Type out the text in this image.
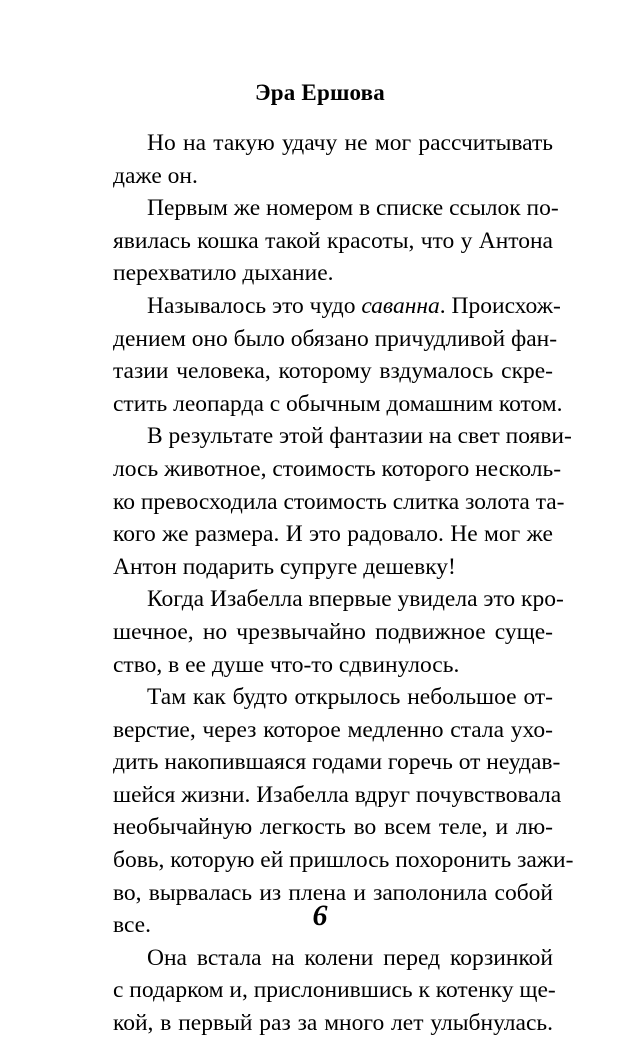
Эра Ершова

Но на такую удачу не мог рассчитывать
даже он.

Первым же номером в списке ссылок по-
явилась кошка такой красоты, что у Антона
перехватило дыхание.

Называлось это чудо саванна. Происхож-
дением оно было обязано причудливой фан-
тазии человека, которому вздумалось скре-
стить леопарда с обычным домашним котом.

В результате этой фантазии на свет появи-
лось животное, стоимость которого несколь-
ко превосходила стоимость слитка золота та-
кого же размера. И это радовало. Не мог же
Антон подарить супруге дешевку!

Когда Изабелла впервые увидела это кро-
шечное, но чрезвычайно подвижное суще-
ство, в ее душе что-то сдвинулось.

Там как будто открылось небольшое от-
верстие, через которое медленно стала ухо-
дить накопившаяся годами горечь от неудав-
шейся жизни. Изабелла вдруг почувствовала
необычайную легкость во всем теле, и лю-
бовь, которую ей пришлось похоронить зажи-
во, вырвалась из плена и заполонила собой
все.

Она встала на колени перед корзинкой
с подарком и, прислонившись к котенку ще-
кой, в первый раз за много лет улыбнулась.

6
